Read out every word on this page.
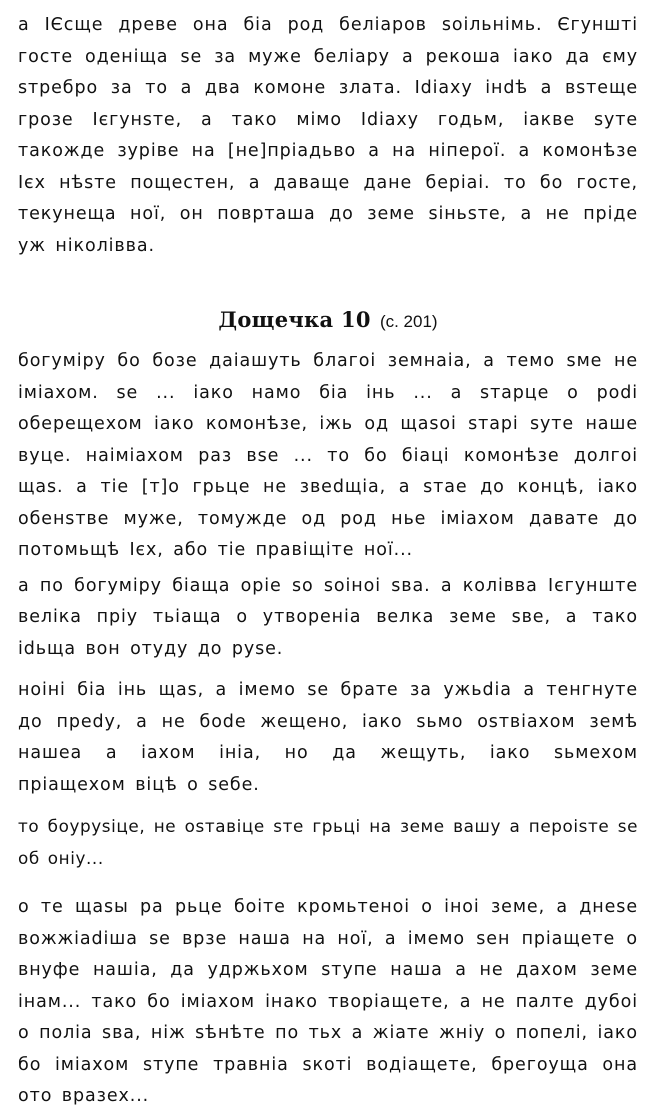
а ІЄсще древе она біа род беліаров ѕоільнімь. Єгунштi госте оденіща ѕе за муже беліару а рекоша іако да єму ѕтребро за то а два комоне злата. Іdiаху інdѣ а вѕтеще грозе Ієгунѕте, а тако мімо Іdiаху годьм, іакве ѕуте такожде зуріве на [не]прiадьво а на ніперої. а комонѣзе Ієх нѣѕте пощестен, а даваще дане беріаі. то бо госте, текунеща ної, он поврташа до земе ѕіньѕте, а не пріде уж ніколівва.

Дощечка 10 (с. 201)

богуміру бо бозе даіашуть благоі земнаіа, а темо ѕме не іміахом. ѕе ... іако намо біа інь ... а ѕтарце о роdі оберещехом іако комонѣзе, іжь од щаѕоі ѕтарі ѕуте наше вуце. наіміахом раз вѕе ... то бо біаці комонѣзе долгоі щаѕ. а тіе [т]о грьце не звеdщіа, а ѕтае до концѣ, іако обенѕтве муже, томужде од род нье іміахом давате до потомьщѣ Ієх, або тіе правіщіте ної...

а по богуміру біаща оріе ѕо ѕоіноі ѕва. а колівва Ієгунште веліка прiу тьіаща о утвореніа велка земе ѕве, а тако іdьща вон отуду до руѕе.

ноіні біа інь щаѕ, а імемо ѕе брате за ужьdіа а тенгнуте до преdу, а не боdе жещено, іако ѕьмо оѕтвіахом земѣ нашеа а іахом ініа, но да жещуть, іако ѕьмехом прiащехом віцѣ о ѕебе.

то боуруѕіце, не оѕтавіце ѕте грьці на земе вашу а пероіѕте ѕе об оніу...

о те щаѕы ра рьце боіте кромьтеноі о іноі земе, а днеѕе вожжіаdіша ѕе врзе наша на ної, а імемо ѕен прiащете о внуфе нашіа, да удржьхом ѕтупе наша а не дахом земе інам... тако бо іміахом інако творiащете, а не палте дубоі о поліа ѕва, ніж ѕѣнѣте по тьх а жіате жніу о попелі, іако бо іміахом ѕтупе травніа ѕкоті водіащете, брегоуща она ото вразех...
